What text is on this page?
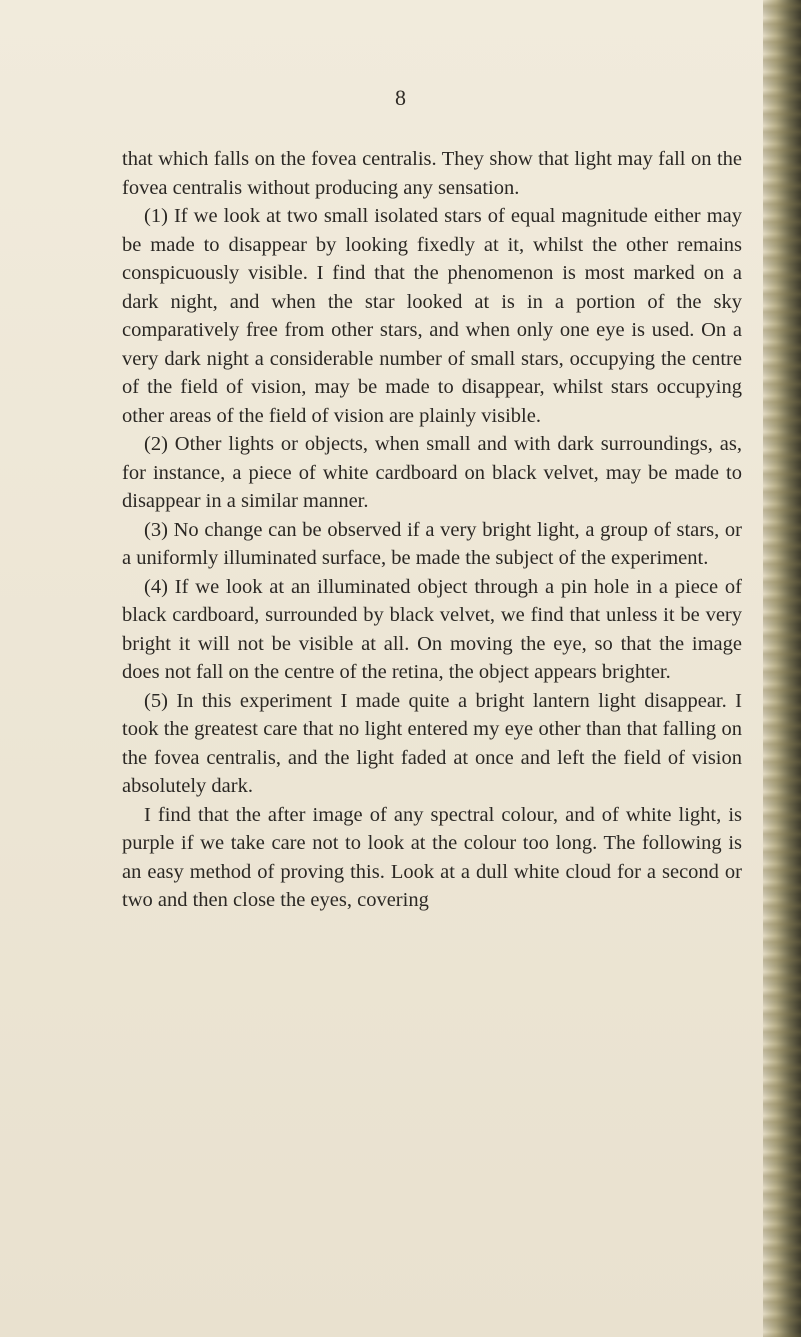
8

that which falls on the fovea centralis. They show that light may fall on the fovea centralis without producing any sensation.

(1) If we look at two small isolated stars of equal magnitude either may be made to disappear by looking fixedly at it, whilst the other remains conspicuously visible. I find that the phenomenon is most marked on a dark night, and when the star looked at is in a portion of the sky comparatively free from other stars, and when only one eye is used. On a very dark night a considerable number of small stars, occupying the centre of the field of vision, may be made to disappear, whilst stars occupying other areas of the field of vision are plainly visible.

(2) Other lights or objects, when small and with dark surroundings, as, for instance, a piece of white cardboard on black velvet, may be made to disappear in a similar manner.

(3) No change can be observed if a very bright light, a group of stars, or a uniformly illuminated surface, be made the subject of the experiment.

(4) If we look at an illuminated object through a pin hole in a piece of black cardboard, surrounded by black velvet, we find that unless it be very bright it will not be visible at all. On moving the eye, so that the image does not fall on the centre of the retina, the object appears brighter.

(5) In this experiment I made quite a bright lantern light disappear. I took the greatest care that no light entered my eye other than that falling on the fovea centralis, and the light faded at once and left the field of vision absolutely dark.

I find that the after image of any spectral colour, and of white light, is purple if we take care not to look at the colour too long. The following is an easy method of proving this. Look at a dull white cloud for a second or two and then close the eyes, covering
